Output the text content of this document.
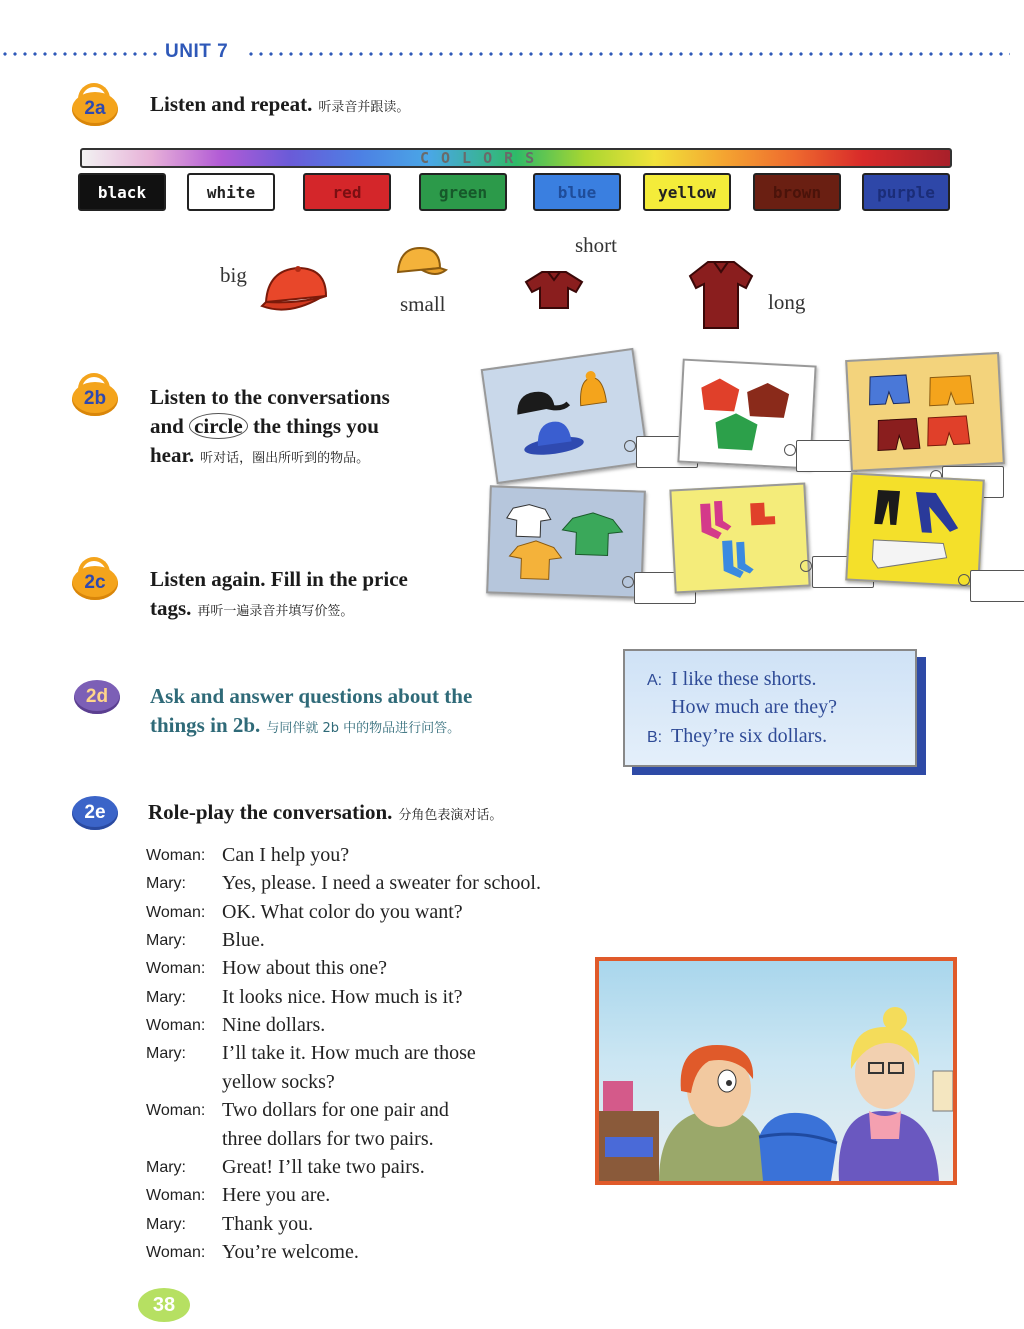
UNIT 7
2a Listen and repeat. 听录音并跟读。
COLORS
black	white	red	green	blue	yellow	brown	purple
big
small
short
long
2b Listen to the conversations
and circle the things you
hear. 听对话，圈出所听到的物品。
2c Listen again. Fill in the price
tags. 再听一遍录音并填写价签。
2d Ask and answer questions about the
things in 2b. 与同伴就 2b 中的物品进行问答。
A: I like these shorts.
How much are they?
B: They’re six dollars.
2e Role-play the conversation. 分角色表演对话。
Woman: Can I help you?
Mary: Yes, please. I need a sweater for school.
Woman: OK. What color do you want?
Mary: Blue.
Woman: How about this one?
Mary: It looks nice. How much is it?
Woman: Nine dollars.
Mary: I’ll take it. How much are those
yellow socks?
Woman: Two dollars for one pair and
three dollars for two pairs.
Mary: Great! I’ll take two pairs.
Woman: Here you are.
Mary: Thank you.
Woman: You’re welcome.
38
